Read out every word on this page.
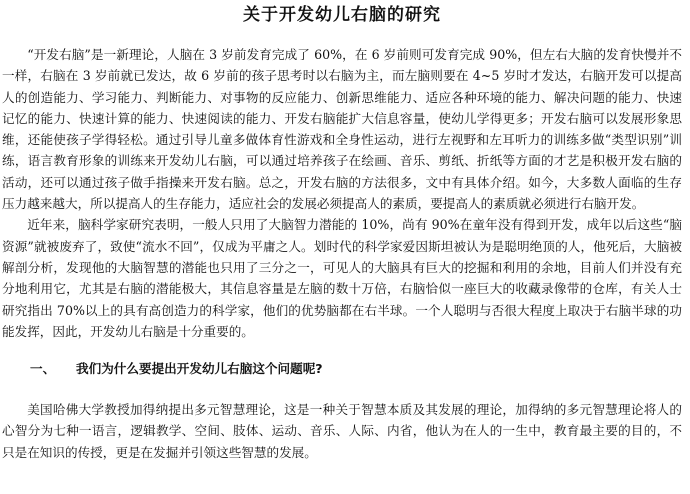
关于开发幼儿右脑的研究

“开发右脑”是一新理论，人脑在 3 岁前发育完成了 60%，在 6 岁前则可发育完成 90%，但左右大脑的发育快慢并不一样，右脑在 3 岁前就已发达，故 6 岁前的孩子思考时以右脑为主，而左脑则要在 4~5 岁时才发达，右脑开发可以提高人的创造能力、学习能力、判断能力、对事物的反应能力、创新思维能力、适应各种环境的能力、解决问题的能力、快速记忆的能力、快速计算的能力、快速阅读的能力、开发右脑能扩大信息容量，使幼儿学得更多；开发右脑可以发展形象思维，还能使孩子学得轻松。通过引导儿童多做体育性游戏和全身性运动，进行左视野和左耳听力的训练多做“类型识别”训练，语言教育形象的训练来开发幼儿右脑，可以通过培养孩子在绘画、音乐、剪纸、折纸等方面的才艺是积极开发右脑的活动，还可以通过孩子做手指操来开发右脑。总之，开发右脑的方法很多，文中有具体介绍。如今，大多数人面临的生存压力越来越大，所以提高人的生存能力，适应社会的发展必须提高人的素质，要提高人的素质就必须进行右脑开发。

近年来，脑科学家研究表明，一般人只用了大脑智力潜能的 10%，尚有 90%在童年没有得到开发，成年以后这些“脑资源”就被废弃了，致使“流水不回”，仅成为平庸之人。划时代的科学家爱因斯坦被认为是聪明绝顶的人，他死后，大脑被解剖分析，发现他的大脑智慧的潜能也只用了三分之一，可见人的大脑具有巨大的挖掘和利用的余地，目前人们并没有充分地利用它，尤其是右脑的潜能极大，其信息容量是左脑的数十万倍，右脑恰似一座巨大的收藏录像带的仓库，有关人士研究指出 70%以上的具有高创造力的科学家，他们的优势脑都在右半球。一个人聪明与否很大程度上取决于右脑半球的功能发挥，因此，开发幼儿右脑是十分重要的。

一、	我们为什么要提出开发幼儿右脑这个问题呢?

美国哈佛大学教授加得纳提出多元智慧理论，这是一种关于智慧本质及其发展的理论，加得纳的多元智慧理论将人的心智分为七种一语言，逻辑教学、空间、肢体、运动、音乐、人际、内省，他认为在人的一生中，教育最主要的目的，不只是在知识的传授，更是在发掘并引领这些智慧的发展。
